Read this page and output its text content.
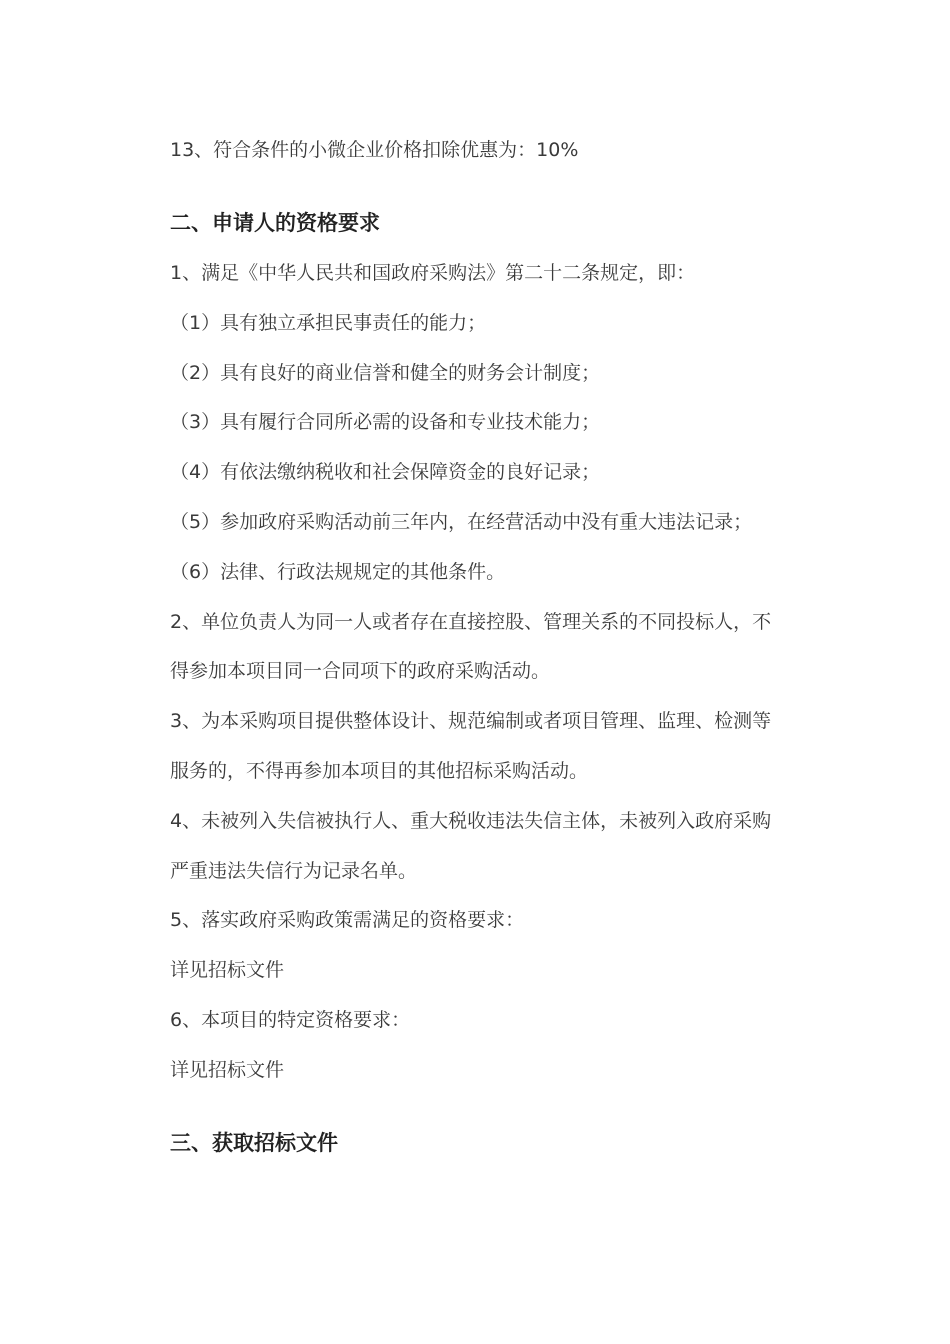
13、符合条件的小微企业价格扣除优惠为：10%
二、申请人的资格要求
1、满足《中华人民共和国政府采购法》第二十二条规定，即：
（1）具有独立承担民事责任的能力；
（2）具有良好的商业信誉和健全的财务会计制度；
（3）具有履行合同所必需的设备和专业技术能力；
（4）有依法缴纳税收和社会保障资金的良好记录；
（5）参加政府采购活动前三年内，在经营活动中没有重大违法记录；
（6）法律、行政法规规定的其他条件。
2、单位负责人为同一人或者存在直接控股、管理关系的不同投标人，不
得参加本项目同一合同项下的政府采购活动。
3、为本采购项目提供整体设计、规范编制或者项目管理、监理、检测等
服务的，不得再参加本项目的其他招标采购活动。
4、未被列入失信被执行人、重大税收违法失信主体，未被列入政府采购
严重违法失信行为记录名单。
5、落实政府采购政策需满足的资格要求：
详见招标文件
6、本项目的特定资格要求：
详见招标文件
三、获取招标文件
